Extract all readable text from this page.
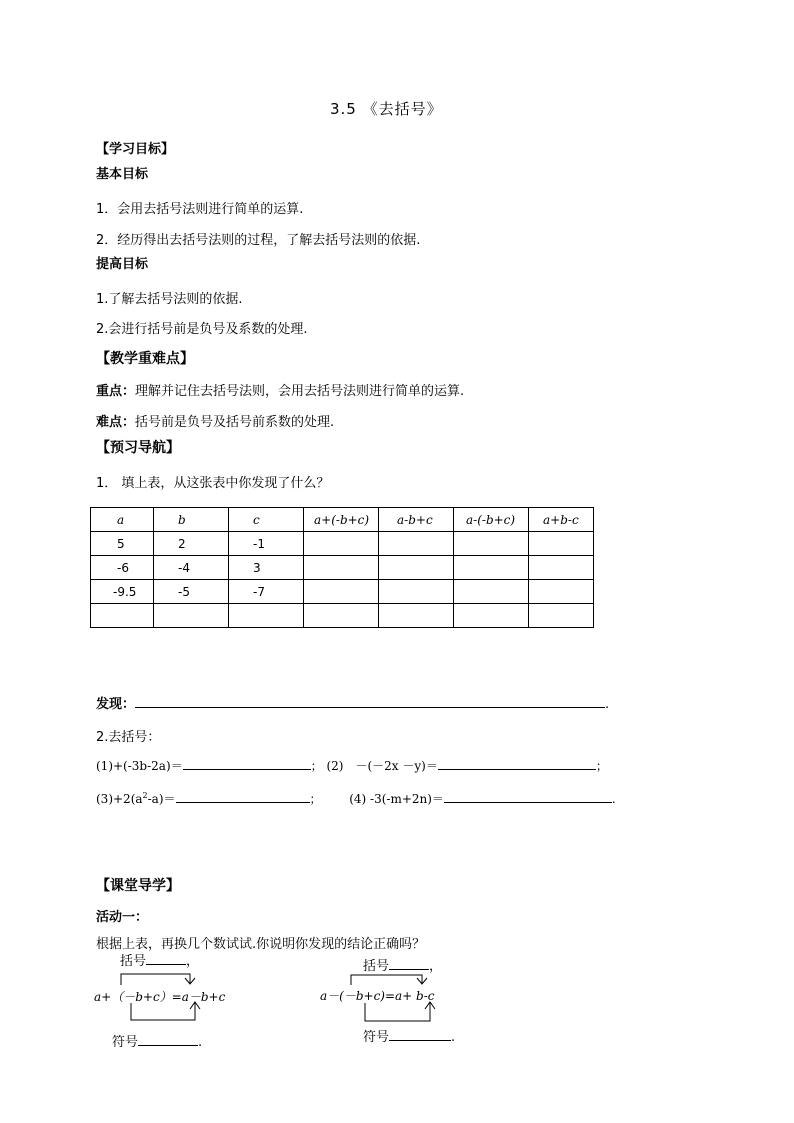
3.5 《去括号》
【学习目标】
基本目标
1．会用去括号法则进行简单的运算.
2．经历得出去括号法则的过程，了解去括号法则的依据.
提高目标
1.了解去括号法则的依据.
2.会进行括号前是负号及系数的处理.
【教学重难点】
重点：理解并记住去括号法则，会用去括号法则进行简单的运算.
难点：括号前是负号及括号前系数的处理.
【预习导航】
1． 填上表，从这张表中你发现了什么？
a	b	c	a+(-b+c)	a-b+c	a-(-b+c)	a+b-c
5	2	-1				
-6	-4	3				
-9.5	-5	-7				

发现：	.
2.去括号：
(1)+(-3b-2a)＝	； (2)　－(－2x －y)＝	；
$(3)+2(a^2-a)=$	； (4) -3(-m+2n)＝	.
【课堂导学】
活动一：
根据上表，再换几个数试试.你说明你发现的结论正确吗？
括号	，
a+（－b+c）=a－b+c
符号	.
括号	，
a－(－b+c)=a+ b-c
符号	.
